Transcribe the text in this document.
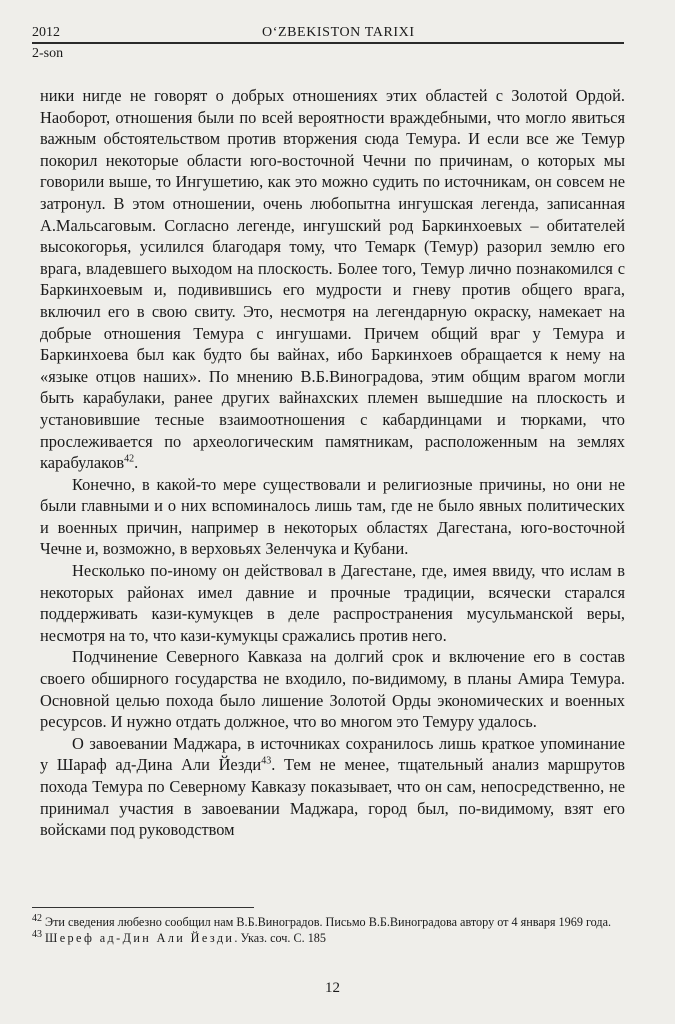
2012	O‘ZBEKISTON TARIXI
2-son

ники нигде не говорят о добрых отношениях этих областей с Золотой Ордой. Наоборот, отношения были по всей вероятности враждебными, что могло явиться важным обстоятельством против вторжения сюда Темура. И если все же Темур покорил некоторые области юго-восточной Чечни по причинам, о которых мы говорили выше, то Ингушетию, как это можно судить по источникам, он совсем не затронул. В этом отношении, очень любопытна ингушская легенда, записанная А.Мальсаговым. Согласно легенде, ингушский род Баркинхоевых – обитателей высокогорья, усилился благодаря тому, что Темарк (Темур) разорил землю его врага, владевшего выходом на плоскость. Более того, Темур лично познакомился с Баркинхоевым и, подивившись его мудрости и гневу против общего врага, включил его в свою свиту. Это, несмотря на легендарную окраску, намекает на добрые отношения Темура с ингушами. Причем общий враг у Темура и Баркинхоева был как будто бы вайнах, ибо Баркинхоев обращается к нему на «языке отцов наших». По мнению В.Б.Виноградова, этим общим врагом могли быть карабулаки, ранее других вайнахских племен вышедшие на плоскость и установившие тесные взаимоотношения с кабардинцами и тюрками, что прослеживается по археологическим памятникам, расположенным на землях карабулаков$^{42}$.

Конечно, в какой-то мере существовали и религиозные причины, но они не были главными и о них вспоминалось лишь там, где не было явных политических и военных причин, например в некоторых областях Дагестана, юго-восточной Чечне и, возможно, в верховьях Зеленчука и Кубани.

Несколько по-иному он действовал в Дагестане, где, имея ввиду, что ислам в некоторых районах имел давние и прочные традиции, всячески старался поддерживать кази-кумукцев в деле распространения мусульманской веры, несмотря на то, что кази-кумукцы сражались против него.

Подчинение Северного Кавказа на долгий срок и включение его в состав своего обширного государства не входило, по-видимому, в планы Амира Темура. Основной целью похода было лишение Золотой Орды экономических и военных ресурсов. И нужно отдать должное, что во многом это Темуру удалось.

О завоевании Маджара, в источниках сохранилось лишь краткое упоминание у Шараф ад-Дина Али Йезди$^{43}$. Тем не менее, тщательный анализ маршрутов похода Темура по Северному Кавказу показывает, что он сам, непосредственно, не принимал участия в завоевании Маджара, город был, по-видимому, взят его войсками под руководством

$^{42}$ Эти сведения любезно сообщил нам В.Б.Виноградов. Письмо В.Б.Виноградова автору от 4 января 1969 года.

$^{43}$ Шереф ад-Дин Али Йезди. Указ. соч. С. 185

12
